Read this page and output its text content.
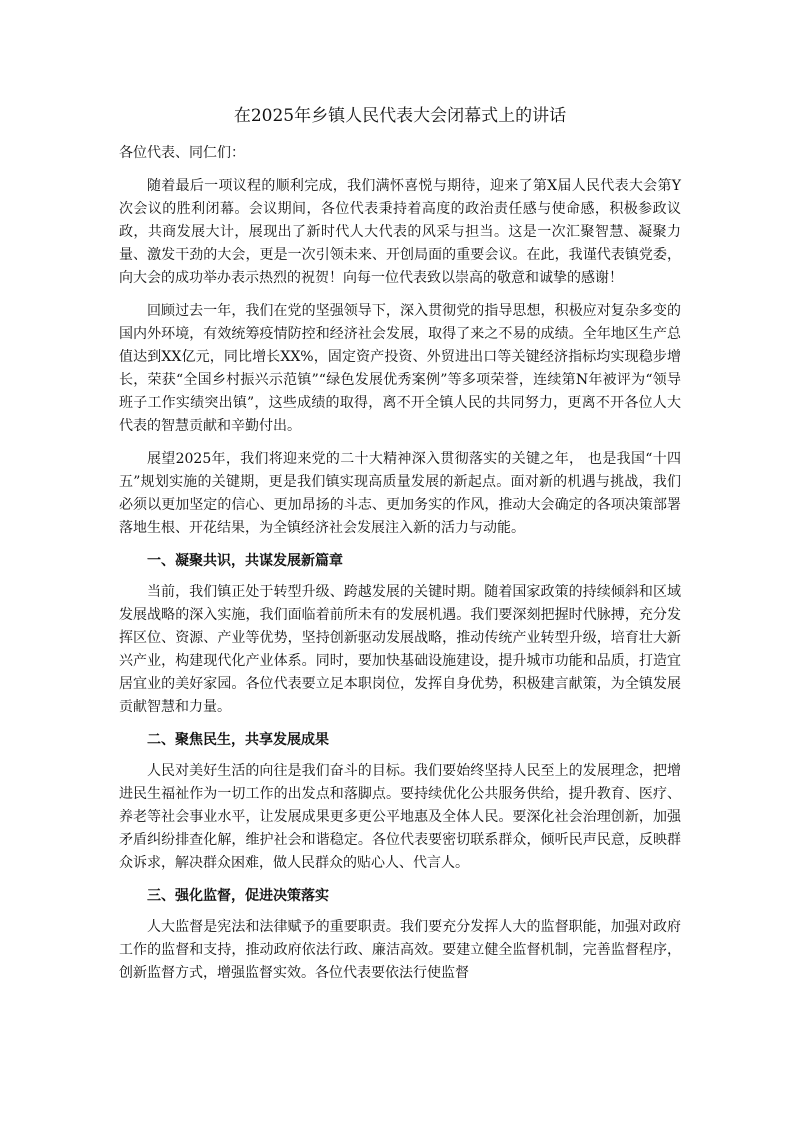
在2025年乡镇人民代表大会闭幕式上的讲话

各位代表、同仁们：

随着最后一项议程的顺利完成，我们满怀喜悦与期待，迎来了第X届人民代表大会第Y次会议的胜利闭幕。会议期间，各位代表秉持着高度的政治责任感与使命感，积极参政议政，共商发展大计，展现出了新时代人大代表的风采与担当。这是一次汇聚智慧、凝聚力量、激发干劲的大会，更是一次引领未来、开创局面的重要会议。在此，我谨代表镇党委，向大会的成功举办表示热烈的祝贺！向每一位代表致以崇高的敬意和诚挚的感谢！

回顾过去一年，我们在党的坚强领导下，深入贯彻党的指导思想，积极应对复杂多变的国内外环境，有效统筹疫情防控和经济社会发展，取得了来之不易的成绩。全年地区生产总值达到XX亿元，同比增长XX%，固定资产投资、外贸进出口等关键经济指标均实现稳步增长，荣获“全国乡村振兴示范镇”“绿色发展优秀案例”等多项荣誉，连续第N年被评为“领导班子工作实绩突出镇”，这些成绩的取得，离不开全镇人民的共同努力，更离不开各位人大代表的智慧贡献和辛勤付出。

展望2025年，我们将迎来党的二十大精神深入贯彻落实的关键之年， 也是我国“十四五”规划实施的关键期，更是我们镇实现高质量发展的新起点。面对新的机遇与挑战，我们必须以更加坚定的信心、更加昂扬的斗志、更加务实的作风，推动大会确定的各项决策部署落地生根、开花结果，为全镇经济社会发展注入新的活力与动能。

一、凝聚共识，共谋发展新篇章

当前，我们镇正处于转型升级、跨越发展的关键时期。随着国家政策的持续倾斜和区域发展战略的深入实施，我们面临着前所未有的发展机遇。我们要深刻把握时代脉搏，充分发挥区位、资源、产业等优势，坚持创新驱动发展战略，推动传统产业转型升级，培育壮大新兴产业，构建现代化产业体系。同时，要加快基础设施建设，提升城市功能和品质，打造宜居宜业的美好家园。各位代表要立足本职岗位，发挥自身优势，积极建言献策，为全镇发展贡献智慧和力量。

二、聚焦民生，共享发展成果

人民对美好生活的向往是我们奋斗的目标。我们要始终坚持人民至上的发展理念，把增进民生福祉作为一切工作的出发点和落脚点。要持续优化公共服务供给，提升教育、医疗、养老等社会事业水平，让发展成果更多更公平地惠及全体人民。要深化社会治理创新，加强矛盾纠纷排查化解，维护社会和谐稳定。各位代表要密切联系群众，倾听民声民意，反映群众诉求，解决群众困难，做人民群众的贴心人、代言人。

三、强化监督，促进决策落实

人大监督是宪法和法律赋予的重要职责。我们要充分发挥人大的监督职能，加强对政府工作的监督和支持，推动政府依法行政、廉洁高效。要建立健全监督机制，完善监督程序，创新监督方式，增强监督实效。各位代表要依法行使监督
